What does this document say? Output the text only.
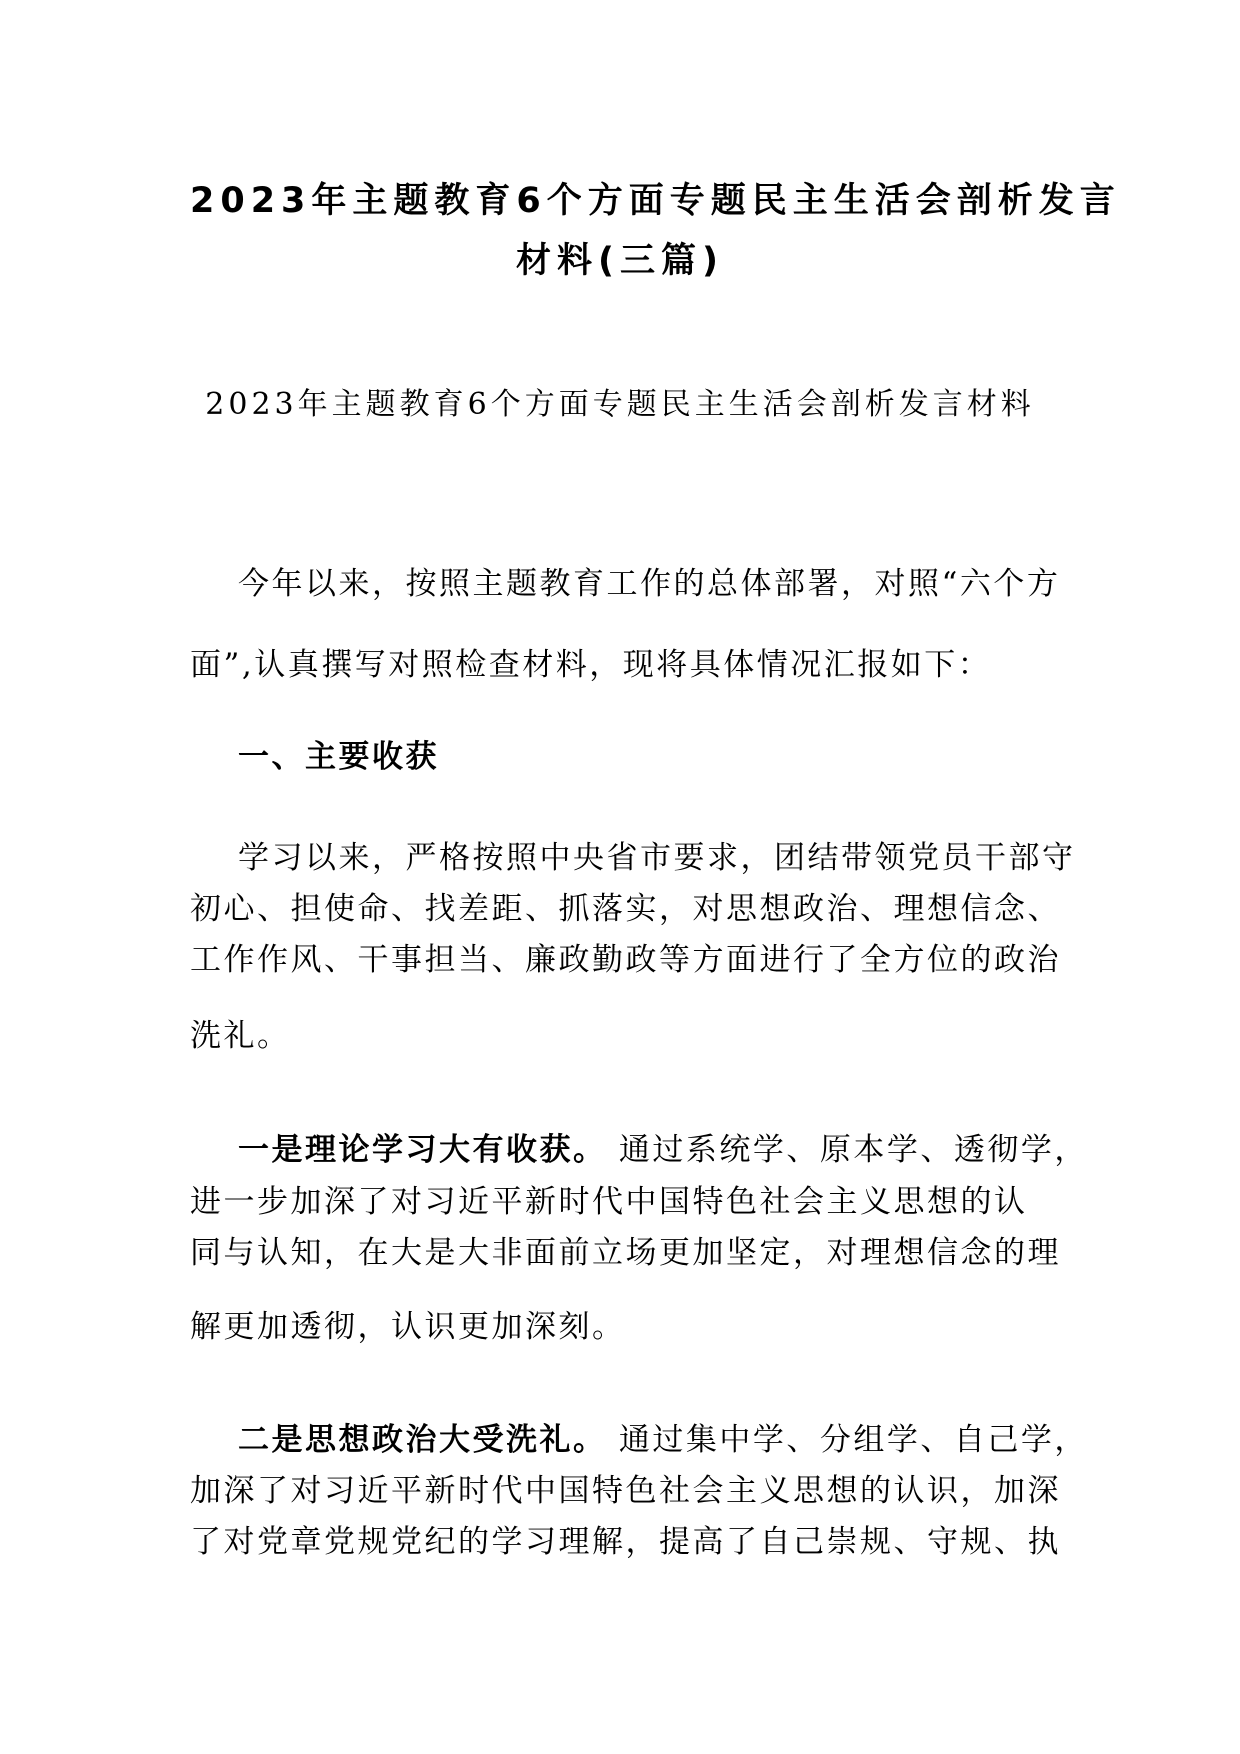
2023年主题教育6个方面专题民主生活会剖析发言
材料(三篇)
2023年主题教育6个方面专题民主生活会剖析发言材料
今年以来，按照主题教育工作的总体部署，对照“六个方
面”,认真撰写对照检查材料，现将具体情况汇报如下：
一、主要收获
学习以来，严格按照中央省市要求，团结带领党员干部守
初心、担使命、找差距、抓落实，对思想政治、理想信念、
工作作风、干事担当、廉政勤政等方面进行了全方位的政治
洗礼。
一是理论学习大有收获。 通过系统学、原本学、透彻学，
进一步加深了对习近平新时代中国特色社会主义思想的认
同与认知，在大是大非面前立场更加坚定，对理想信念的理
解更加透彻，认识更加深刻。
二是思想政治大受洗礼。 通过集中学、分组学、自己学，
加深了对习近平新时代中国特色社会主义思想的认识，加深
了对党章党规党纪的学习理解，提高了自己崇规、守规、执
